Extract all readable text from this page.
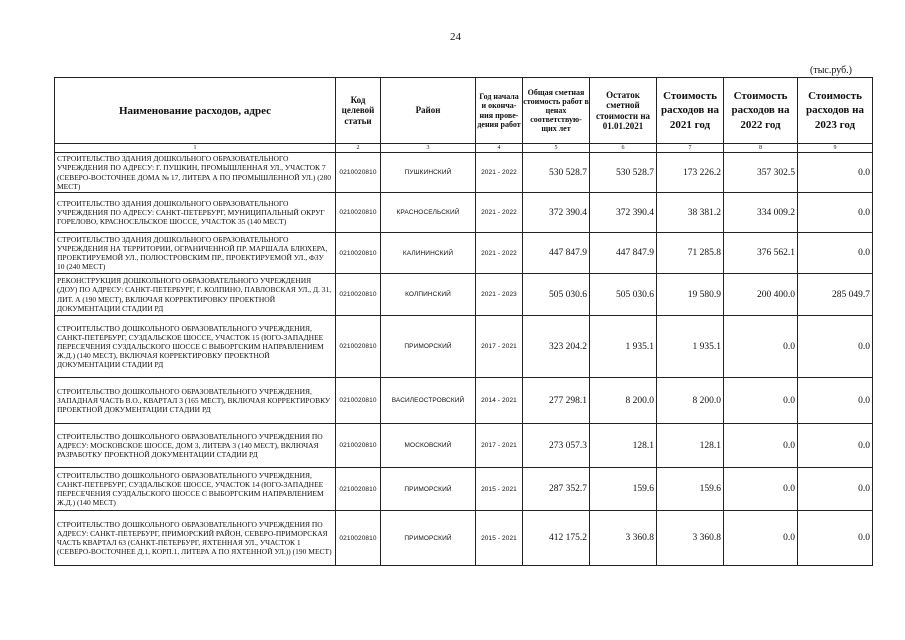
24
(тыс.руб.)
Наименование расходов, адрес	Код целевой статьи	Район	Год начала и оконча-ния прове-дения работ	Общая сметная стоимость работ в ценах соответствую-щих лет	Остаток сметной стоимости на 01.01.2021	Стоимость расходов на 2021 год	Стоимость расходов на 2022 год	Стоимость расходов на 2023 год
1	2	3	4	5	6	7	8	9
СТРОИТЕЛЬСТВО ЗДАНИЯ ДОШКОЛЬНОГО ОБРАЗОВАТЕЛЬНОГО УЧРЕЖДЕНИЯ ПО АДРЕСУ: Г. ПУШКИН, ПРОМЫШЛЕННАЯ УЛ., УЧАСТОК 7 (СЕВЕРО-ВОСТОЧНЕЕ ДОМА № 17, ЛИТЕРА А ПО ПРОМЫШЛЕННОЙ УЛ.) (280 МЕСТ)	0210020810	ПУШКИНСКИЙ	2021 - 2022	530 528.7	530 528.7	173 226.2	357 302.5	0.0
СТРОИТЕЛЬСТВО ЗДАНИЯ ДОШКОЛЬНОГО ОБРАЗОВАТЕЛЬНОГО УЧРЕЖДЕНИЯ ПО АДРЕСУ: САНКТ-ПЕТЕРБУРГ, МУНИЦИПАЛЬНЫЙ ОКРУГ ГОРЕЛОВО, КРАСНОСЕЛЬСКОЕ ШОССЕ, УЧАСТОК 35 (140 МЕСТ)	0210020810	КРАСНОСЕЛЬСКИЙ	2021 - 2022	372 390.4	372 390.4	38 381.2	334 009.2	0.0
СТРОИТЕЛЬСТВО ЗДАНИЯ ДОШКОЛЬНОГО ОБРАЗОВАТЕЛЬНОГО УЧРЕЖДЕНИЯ НА ТЕРРИТОРИИ, ОГРАНИЧЕННОЙ ПР. МАРШАЛА БЛЮХЕРА, ПРОЕКТИРУЕМОЙ УЛ., ПОЛЮСТРОВСКИМ ПР., ПРОЕКТИРУЕМОЙ УЛ., ФЗУ 10 (240 МЕСТ)	0210020810	КАЛИНИНСКИЙ	2021 - 2022	447 847.9	447 847.9	71 285.8	376 562.1	0.0
РЕКОНСТРУКЦИЯ ДОШКОЛЬНОГО ОБРАЗОВАТЕЛЬНОГО УЧРЕЖДЕНИЯ (ДОУ) ПО АДРЕСУ: САНКТ-ПЕТЕРБУРГ, Г. КОЛПИНО, ПАВЛОВСКАЯ УЛ., Д. 31, ЛИТ. А (190 МЕСТ), ВКЛЮЧАЯ КОРРЕКТИРОВКУ ПРОЕКТНОЙ ДОКУМЕНТАЦИИ СТАДИИ РД	0210020810	КОЛПИНСКИЙ	2021 - 2023	505 030.6	505 030.6	19 580.9	200 400.0	285 049.7
СТРОИТЕЛЬСТВО ДОШКОЛЬНОГО ОБРАЗОВАТЕЛЬНОГО УЧРЕЖДЕНИЯ, САНКТ-ПЕТЕРБУРГ, СУЗДАЛЬСКОЕ ШОССЕ, УЧАСТОК 15 (ЮГО-ЗАПАДНЕЕ ПЕРЕСЕЧЕНИЯ СУЗДАЛЬСКОГО ШОССЕ С ВЫБОРГСКИМ НАПРАВЛЕНИЕМ Ж.Д.) (140 МЕСТ), ВКЛЮЧАЯ КОРРЕКТИРОВКУ ПРОЕКТНОЙ ДОКУМЕНТАЦИИ СТАДИИ РД	0210020810	ПРИМОРСКИЙ	2017 - 2021	323 204.2	1 935.1	1 935.1	0.0	0.0
СТРОИТЕЛЬСТВО ДОШКОЛЬНОГО ОБРАЗОВАТЕЛЬНОГО УЧРЕЖДЕНИЯ, ЗАПАДНАЯ ЧАСТЬ В.О., КВАРТАЛ 3 (165 МЕСТ), ВКЛЮЧАЯ КОРРЕКТИРОВКУ ПРОЕКТНОЙ ДОКУМЕНТАЦИИ СТАДИИ РД	0210020810	ВАСИЛЕОСТРОВСКИЙ	2014 - 2021	277 298.1	8 200.0	8 200.0	0.0	0.0
СТРОИТЕЛЬСТВО ДОШКОЛЬНОГО ОБРАЗОВАТЕЛЬНОГО УЧРЕЖДЕНИЯ ПО АДРЕСУ: МОСКОВСКОЕ ШОССЕ, ДОМ 3, ЛИТЕРА 3 (140 МЕСТ), ВКЛЮЧАЯ РАЗРАБОТКУ ПРОЕКТНОЙ ДОКУМЕНТАЦИИ СТАДИИ РД	0210020810	МОСКОВСКИЙ	2017 - 2021	273 057.3	128.1	128.1	0.0	0.0
СТРОИТЕЛЬСТВО ДОШКОЛЬНОГО ОБРАЗОВАТЕЛЬНОГО УЧРЕЖДЕНИЯ, САНКТ-ПЕТЕРБУРГ, СУЗДАЛЬСКОЕ ШОССЕ, УЧАСТОК 14 (ЮГО-ЗАПАДНЕЕ ПЕРЕСЕЧЕНИЯ СУЗДАЛЬСКОГО ШОССЕ С ВЫБОРГСКИМ НАПРАВЛЕНИЕМ Ж.Д.) (140 МЕСТ)	0210020810	ПРИМОРСКИЙ	2015 - 2021	287 352.7	159.6	159.6	0.0	0.0
СТРОИТЕЛЬСТВО ДОШКОЛЬНОГО ОБРАЗОВАТЕЛЬНОГО УЧРЕЖДЕНИЯ ПО АДРЕСУ: САНКТ-ПЕТЕРБУРГ, ПРИМОРСКИЙ РАЙОН, СЕВЕРО-ПРИМОРСКАЯ ЧАСТЬ КВАРТАЛ 63 (САНКТ-ПЕТЕРБУРГ, ЯХТЕННАЯ УЛ., УЧАСТОК 1 (СЕВЕРО-ВОСТОЧНЕЕ Д.1, КОРП.1, ЛИТЕРА А ПО ЯХТЕННОЙ УЛ.)) (190 МЕСТ)	0210020810	ПРИМОРСКИЙ	2015 - 2021	412 175.2	3 360.8	3 360.8	0.0	0.0
